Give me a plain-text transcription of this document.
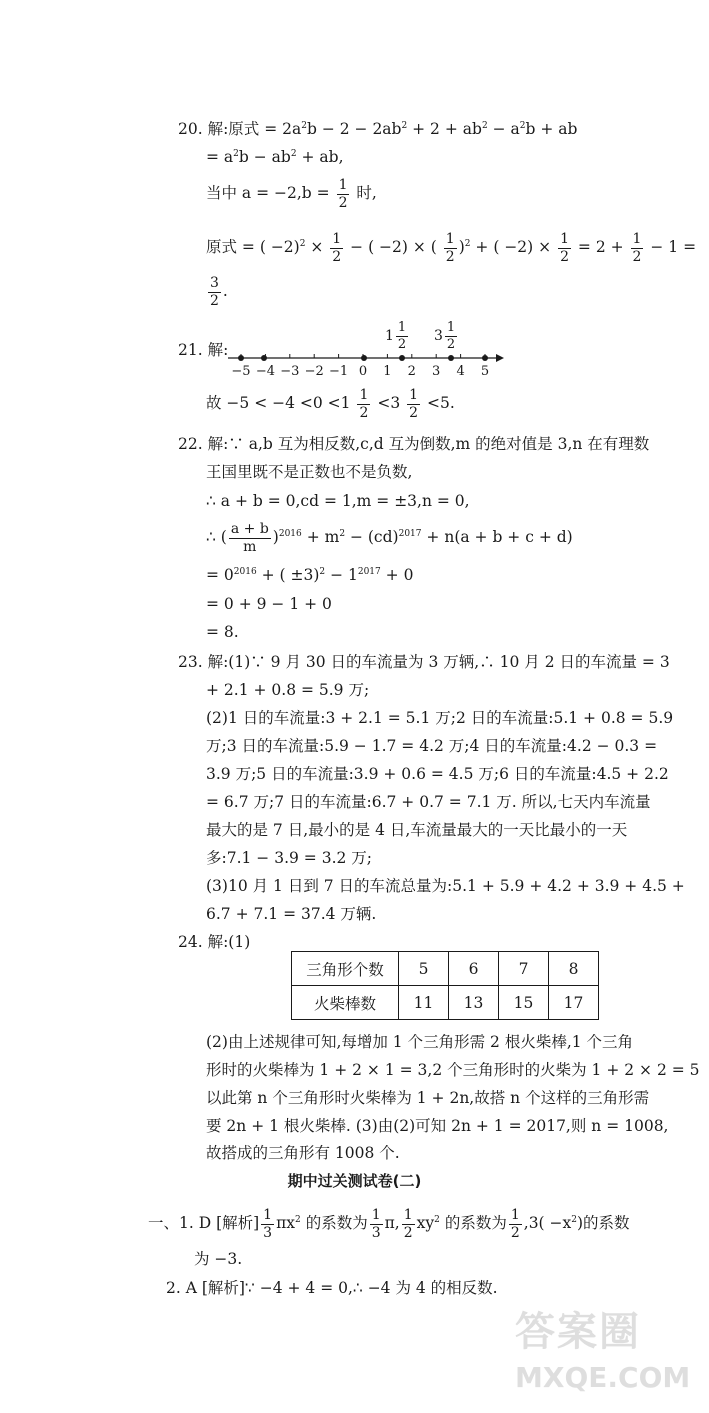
20. 解:原式 = $2a^2b - 2 - 2ab^2 + 2 + ab^2 - a^2b$ + ab
= $a^2b - ab^2$ + ab,
当中 $a = -2,b = \frac{1}{2}$ 时,
原式 = ( $-2)^2 \times \frac{1}{2}$ − ( −2) × ( $\frac{1}{2} )^2$ + ( $-2) \times \frac{1}{2} = 2 + \frac{1}{2} - 1$ =
$\frac{3}{2}$ .
21. 解:
−5 −4 −3 −2 −1 0 1 2 3 4 5
$1 \frac{1}{2} 3 \frac{1}{2}$
故 $-5 < -4 <0 <1 \frac{1}{2} <3 \frac{1}{2} <5$.
22. 解:∵ a,b 互为相反数,c,d 互为倒数,m 的绝对值是 3,n 在有理数
王国里既不是正数也不是负数,
∴ a + b = 0,cd = 1,m = ±3,n = 0,
∴ ( $\frac{a + b}{m} )^{2016} + m^2 - (cd)^{2017} + n(a + b + c + d)$
= $0^{2016}$ + ( $\pm 3)^2 - 1^{2017} + 0$
= 0 + 9 − 1 + 0
= 8.
23. 解:(1)∵ 9 月 30 日的车流量为 3 万辆,∴ 10 月 2 日的车流量 = 3
+ 2.1 + 0.8 = 5.9 万;
(2)1 日的车流量:3 + 2.1 = 5.1 万;2 日的车流量:5.1 + 0.8 = 5.9
万;3 日的车流量:5.9 − 1.7 = 4.2 万;4 日的车流量:4.2 − 0.3 =
3.9 万;5 日的车流量:3.9 + 0.6 = 4.5 万;6 日的车流量:4.5 + 2.2
= 6.7 万;7 日的车流量:6.7 + 0.7 = 7.1 万. 所以,七天内车流量
最大的是 7 日,最小的是 4 日,车流量最大的一天比最小的一天
多:7.1 − 3.9 = 3.2 万;
(3)10 月 1 日到 7 日的车流总量为:5.1 + 5.9 + 4.2 + 3.9 + 4.5 +
6.7 + 7.1 = 37.4 万辆.
24. 解:(1)
三角形个数	5	6	7	8
火柴棒数	11	13	15	17
(2)由上述规律可知,每增加 1 个三角形需 2 根火柴棒,1 个三角
形时的火柴棒为 1 + 2 × 1 = 3,2 个三角形时的火柴为 1 + 2 × 2 = 5
以此第 n 个三角形时火柴棒为 1 + 2n,故搭 n 个这样的三角形需
要 2n + 1 根火柴棒. (3)由(2)可知 2n + 1 = 2017,则 n = 1008,
故搭成的三角形有 1008 个.
期中过关测试卷(二)
一、1. D [解析] $\frac{1}{3} \pi x^2$ 的系数为 $\frac{1}{3} \pi$, $\frac{1}{2} xy^2$ 的系数为 $\frac{1}{2} ,3( -x^2)$的系数
为 −3.
2. A [解析]∵ −4 + 4 = 0,∴ −4 为 4 的相反数.
答案圈
MXQE.COM
